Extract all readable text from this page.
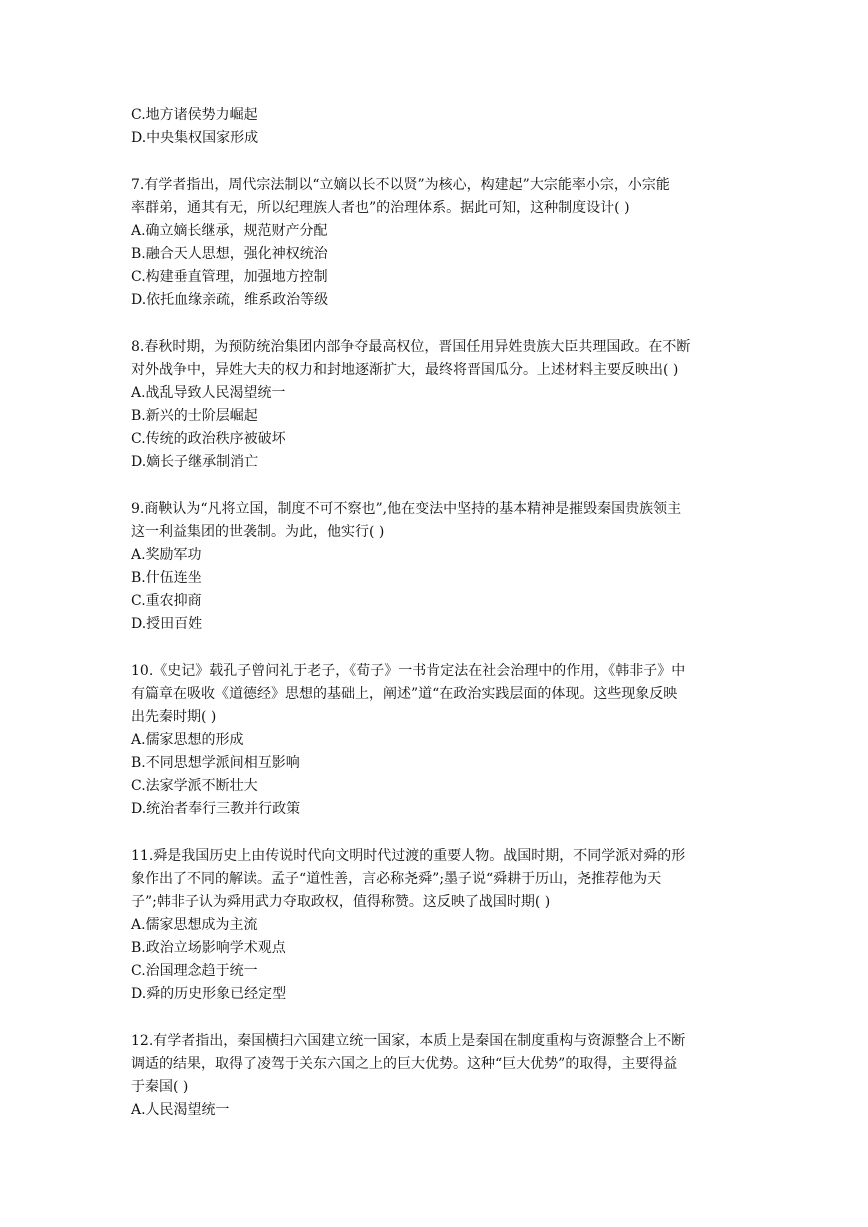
C.地方诸侯势力崛起
D.中央集权国家形成
7.有学者指出，周代宗法制以“立嫡以长不以贤”为核心，构建起”大宗能率小宗，小宗能
率群弟，通其有无，所以纪理族人者也”的治理体系。据此可知，这种制度设计( )
A.确立嫡长继承，规范财产分配
B.融合天人思想，强化神权统治
C.构建垂直管理，加强地方控制
D.依托血缘亲疏，维系政治等级
8.春秋时期，为预防统治集团内部争夺最高权位，晋国任用异姓贵族大臣共理国政。在不断
对外战争中，异姓大夫的权力和封地逐渐扩大，最终将晋国瓜分。上述材料主要反映出( )
A.战乱导致人民渴望统一
B.新兴的士阶层崛起
C.传统的政治秩序被破坏
D.嫡长子继承制消亡
9.商鞅认为“凡将立国，制度不可不察也”,他在变法中坚持的基本精神是摧毁秦国贵族领主
这一利益集团的世袭制。为此，他实行( )
A.奖励军功
B.什伍连坐
C.重农抑商
D.授田百姓
10.《史记》载孔子曾问礼于老子，《荀子》一书肯定法在社会治理中的作用，《韩非子》中
有篇章在吸收《道德经》思想的基础上，阐述”道“在政治实践层面的体现。这些现象反映
出先秦时期( )
A.儒家思想的形成
B.不同思想学派间相互影响
C.法家学派不断壮大
D.统治者奉行三教并行政策
11.舜是我国历史上由传说时代向文明时代过渡的重要人物。战国时期，不同学派对舜的形
象作出了不同的解读。孟子“道性善，言必称尧舜”;墨子说“舜耕于历山，尧推荐他为天
子”;韩非子认为舜用武力夺取政权，值得称赞。这反映了战国时期( )
A.儒家思想成为主流
B.政治立场影响学术观点
C.治国理念趋于统一
D.舜的历史形象已经定型
12.有学者指出，秦国横扫六国建立统一国家，本质上是秦国在制度重构与资源整合上不断
调适的结果，取得了凌驾于关东六国之上的巨大优势。这种“巨大优势”的取得，主要得益
于秦国( )
A.人民渴望统一
